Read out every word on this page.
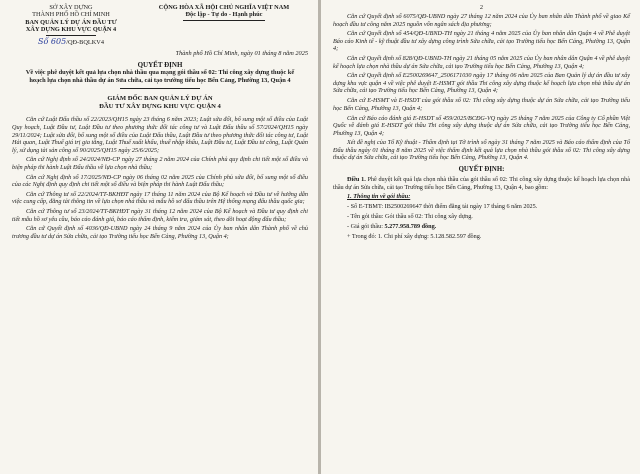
SỞ XÂY DỰNG
THÀNH PHỐ HỒ CHÍ MINH
BAN QUẢN LÝ DỰ ÁN ĐẦU TƯ
XÂY DỰNG KHU VỰC QUẬN 4
Số 605/QĐ-BQLKV4
CỘNG HÒA XÃ HỘI CHỦ NGHĨA VIỆT NAM
Độc lập - Tự do - Hạnh phúc
Thành phố Hồ Chí Minh, ngày 01 tháng 8 năm 2025
QUYẾT ĐỊNH
Về việc phê duyệt kết quả lựa chọn nhà thầu qua mạng gói thầu số 02: Thi công xây dựng thuộc kế hoạch lựa chọn nhà thầu dự án Sửa chữa, cải tạo trường tiểu học Bến Cảng, Phường 13, Quận 4
GIÁM ĐỐC BAN QUẢN LÝ DỰ ÁN
ĐẦU TƯ XÂY DỰNG KHU VỰC QUẬN 4

Căn cứ Luật Đấu thầu số 22/2023/QH15 ngày 23 tháng 6 năm 2023; Luật sửa đổi, bổ sung một số điều của Luật Quy hoạch, Luật Đầu tư, Luật Đầu tư theo phương thức đối tác công tư và Luật Đấu thầu số 57/2024/QH15 ngày 29/11/2024; Luật sửa đổi, bổ sung một số điều của Luật Đấu thầu, Luật Đầu tư theo phương thức đối tác công tư, Luật Hải quan, Luật Thuế giá trị gia tăng, Luật Thuế xuất khẩu, thuế nhập khẩu, Luật Đầu tư, Luật Đầu tư công, Luật Quản lý, sử dụng tài sản công số 90/2025/QH15 ngày 25/6/2025;

Căn cứ Nghị định số 24/2024/NĐ-CP ngày 27 tháng 2 năm 2024 của Chính phủ quy định chi tiết một số điều và biện pháp thi hành Luật Đấu thầu về lựa chọn nhà thầu;

Căn cứ Nghị định số 17/2025/NĐ-CP ngày 06 tháng 02 năm 2025 của Chính phủ sửa đổi, bổ sung một số điều của các Nghị định quy định chi tiết một số điều và biện pháp thi hành Luật Đấu thầu;

Căn cứ Thông tư số 22/2024/TT-BKHĐT ngày 17 tháng 11 năm 2024 của Bộ Kế hoạch và Đầu tư về hướng dẫn việc cung cấp, đăng tải thông tin về lựa chọn nhà thầu và mẫu hồ sơ đấu thầu trên Hệ thống mạng đấu thầu quốc gia;

Căn cứ Thông tư số 23/2024/TT-BKHĐT ngày 31 tháng 12 năm 2024 của Bộ Kế hoạch và Đầu tư quy định chi tiết mẫu hồ sơ yêu cầu, báo cáo đánh giá, báo cáo thẩm định, kiểm tra, giám sát, theo dõi hoạt động đấu thầu;

Căn cứ Quyết định số 4036/QĐ-UBND ngày 24 tháng 9 năm 2024 của Ủy ban nhân dân Thành phố về chủ trương đầu tư dự án Sửa chữa, cải tạo Trường tiểu học Bến Cảng, Phường 13, Quận 4;

2

Căn cứ Quyết định số 6075/QĐ-UBND ngày 27 tháng 12 năm 2024 của Ủy ban nhân dân Thành phố về giao Kế hoạch đầu tư công năm 2025 nguồn vốn ngân sách địa phương;

Căn cứ Quyết định số 454/QĐ-UBND-TH ngày 21 tháng 4 năm 2025 của Ủy ban nhân dân Quận 4 về Phê duyệt Báo cáo Kinh tế - kỹ thuật đầu tư xây dựng công trình Sửa chữa, cải tạo Trường tiểu học Bến Cảng, Phường 13, Quận 4;

Căn cứ Quyết định số 828/QĐ-UBND-TH ngày 21 tháng 05 năm 2025 của Ủy ban nhân dân Quận 4 về phê duyệt kế hoạch lựa chọn nhà thầu dự án Sửa chữa, cải tạo Trường tiểu học Bến Cảng, Phường 13, Quận 4;

Căn cứ Quyết định số E2500269647_2506171030 ngày 17 tháng 06 năm 2025 của Ban Quản lý dự án đầu tư xây dựng khu vực quận 4 về việc phê duyệt E-HSMT gói thầu Thi công xây dựng thuộc kế hoạch lựa chọn nhà thầu dự án Sửa chữa, cải tạo Trường tiểu học Bến Cảng, Phường 13, Quận 4;

Căn cứ E-HSMT và E-HSDT của gói thầu số 02: Thi công xây dựng thuộc dự án Sửa chữa, cải tạo Trường tiểu học Bến Cảng, Phường 13, Quận 4;

Căn cứ Báo cáo đánh giá E-HSDT số 459/2025/BCĐG-VQ ngày 25 tháng 7 năm 2025 của Công ty Cổ phần Việt Quốc về đánh giá E-HSDT gói thầu Thi công xây dựng thuộc dự án Sửa chữa, cải tạo Trường tiểu học Bến Cảng, Phường 13, Quận 4;

Xét đề nghị của Tổ Kỹ thuật - Thẩm định tại Tờ trình số ngày 31 tháng 7 năm 2025 và Báo cáo thẩm định của Tổ Đấu thầu ngày 01 tháng 8 năm 2025 về việc thẩm định kết quả lựa chọn nhà thầu gói thầu số 02: Thi công xây dựng thuộc dự án Sửa chữa, cải tạo Trường tiểu học Bến Cảng, Phường 13, Quận 4.

QUYẾT ĐỊNH:

Điều 1. Phê duyệt kết quả lựa chọn nhà thầu của gói thầu số 02: Thi công xây dựng thuộc kế hoạch lựa chọn nhà thầu dự án Sửa chữa, cải tạo Trường tiểu học Bến Cảng, Phường 13, Quận 4, bao gồm:

1. Thông tin về gói thầu:

- Số E-TBMT: IB2500269647 thời điểm đăng tải ngày 17 tháng 6 năm 2025.

- Tên gói thầu: Gói thầu số 02: Thi công xây dựng.

- Giá gói thầu: 5.277.958.789 đồng.

+ Trong đó: 1. Chi phí xây dựng: 5.128.582.597 đồng.
